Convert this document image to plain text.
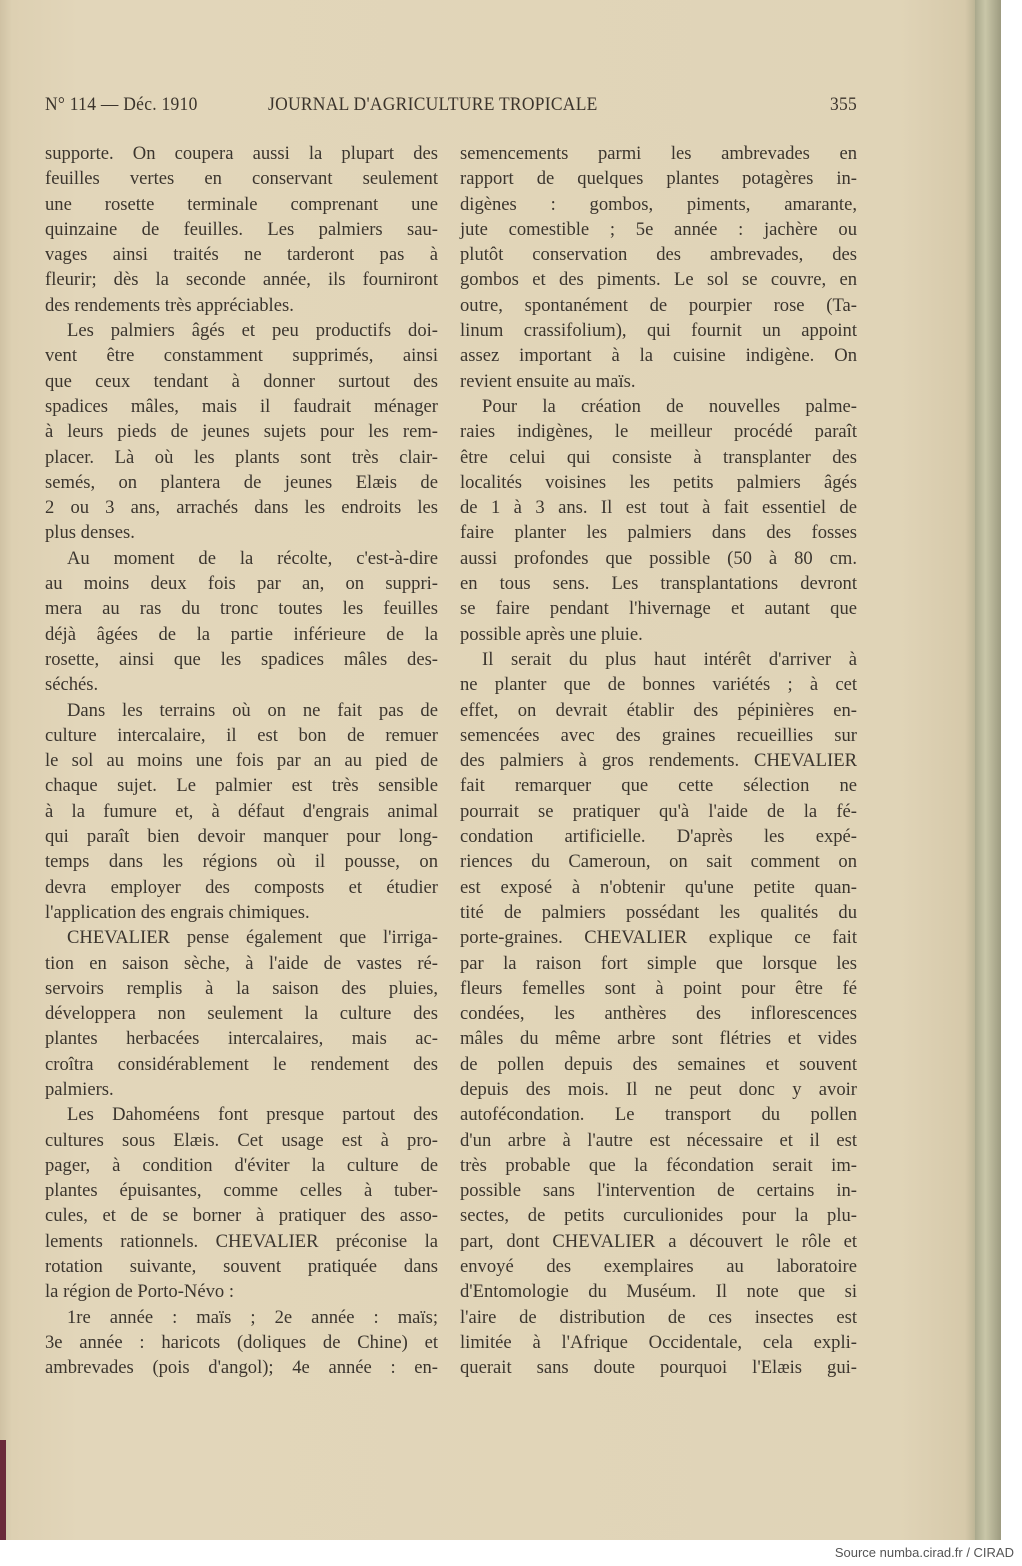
N° 114 — Déc. 1910	JOURNAL D'AGRICULTURE TROPICALE	355
supporte. On coupera aussi la plupart des
feuilles vertes en conservant seulement
une rosette terminale comprenant une
quinzaine de feuilles. Les palmiers sau-
vages ainsi traités ne tarderont pas à
fleurir; dès la seconde année, ils fourniront
des rendements très appréciables.
Les palmiers âgés et peu productifs doi-
vent être constamment supprimés, ainsi
que ceux tendant à donner surtout des
spadices mâles, mais il faudrait ménager
à leurs pieds de jeunes sujets pour les rem-
placer. Là où les plants sont très clair-
semés, on plantera de jeunes Elæis de
2 ou 3 ans, arrachés dans les endroits les
plus denses.
Au moment de la récolte, c'est-à-dire
au moins deux fois par an, on suppri-
mera au ras du tronc toutes les feuilles
déjà âgées de la partie inférieure de la
rosette, ainsi que les spadices mâles des-
séchés.
Dans les terrains où on ne fait pas de
culture intercalaire, il est bon de remuer
le sol au moins une fois par an au pied de
chaque sujet. Le palmier est très sensible
à la fumure et, à défaut d'engrais animal
qui paraît bien devoir manquer pour long-
temps dans les régions où il pousse, on
devra employer des composts et étudier
l'application des engrais chimiques.
CHEVALIER pense également que l'irriga-
tion en saison sèche, à l'aide de vastes ré-
servoirs remplis à la saison des pluies,
développera non seulement la culture des
plantes herbacées intercalaires, mais ac-
croîtra considérablement le rendement des
palmiers.
Les Dahoméens font presque partout des
cultures sous Elæis. Cet usage est à pro-
pager, à condition d'éviter la culture de
plantes épuisantes, comme celles à tuber-
cules, et de se borner à pratiquer des asso-
lements rationnels. CHEVALIER préconise la
rotation suivante, souvent pratiquée dans
la région de Porto-Névo :
1re année : maïs ; 2e année : maïs;
3e année : haricots (doliques de Chine) et
ambrevades (pois d'angol); 4e année : en-
semencements parmi les ambrevades en
rapport de quelques plantes potagères in-
digènes : gombos, piments, amarante,
jute comestible ; 5e année : jachère ou
plutôt conservation des ambrevades, des
gombos et des piments. Le sol se couvre, en
outre, spontanément de pourpier rose (Ta-
linum crassifolium), qui fournit un appoint
assez important à la cuisine indigène. On
revient ensuite au maïs.
Pour la création de nouvelles palme-
raies indigènes, le meilleur procédé paraît
être celui qui consiste à transplanter des
localités voisines les petits palmiers âgés
de 1 à 3 ans. Il est tout à fait essentiel de
faire planter les palmiers dans des fosses
aussi profondes que possible (50 à 80 cm.
en tous sens. Les transplantations devront
se faire pendant l'hivernage et autant que
possible après une pluie.
Il serait du plus haut intérêt d'arriver à
ne planter que de bonnes variétés ; à cet
effet, on devrait établir des pépinières en-
semencées avec des graines recueillies sur
des palmiers à gros rendements. CHEVALIER
fait remarquer que cette sélection ne
pourrait se pratiquer qu'à l'aide de la fé-
condation artificielle. D'après les expé-
riences du Cameroun, on sait comment on
est exposé à n'obtenir qu'une petite quan-
tité de palmiers possédant les qualités du
porte-graines. CHEVALIER explique ce fait
par la raison fort simple que lorsque les
fleurs femelles sont à point pour être fé
condées, les anthères des inflorescences
mâles du même arbre sont flétries et vides
de pollen depuis des semaines et souvent
depuis des mois. Il ne peut donc y avoir
autofécondation. Le transport du pollen
d'un arbre à l'autre est nécessaire et il est
très probable que la fécondation serait im-
possible sans l'intervention de certains in-
sectes, de petits curculionides pour la plu-
part, dont CHEVALIER a découvert le rôle et
envoyé des exemplaires au laboratoire
d'Entomologie du Muséum. Il note que si
l'aire de distribution de ces insectes est
limitée à l'Afrique Occidentale, cela expli-
querait sans doute pourquoi l'Elæis gui-
Source numba.cirad.fr / CIRAD
